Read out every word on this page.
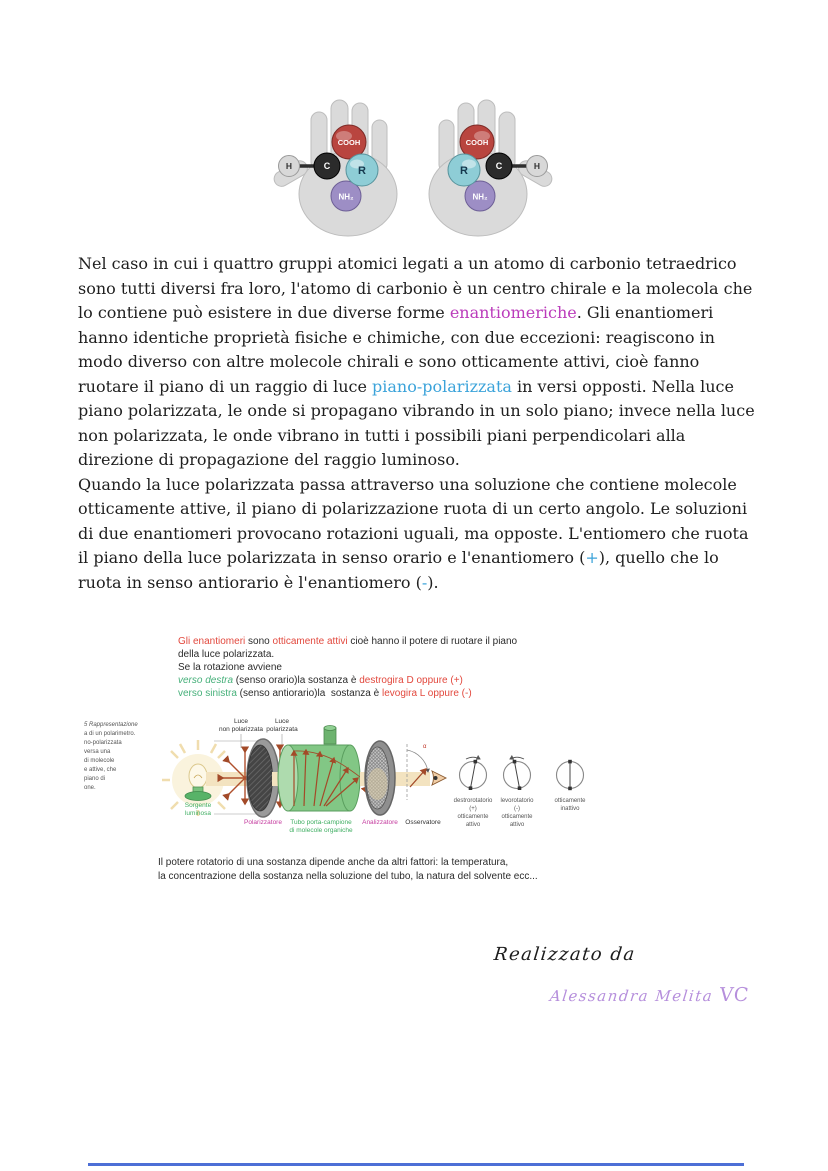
COOH
C	R
NH₂
H
COOH
C
R
NH₂
H

Nel caso in cui i quattro gruppi atomici legati a un atomo di carbonio tetraedrico sono tutti diversi fra loro, l'atomo di carbonio è un centro chirale e la molecola che lo contiene può esistere in due diverse forme enantiomeriche. Gli enantiomeri hanno identiche proprietà fisiche e chimiche, con due eccezioni: reagiscono in modo diverso con altre molecole chirali e sono otticamente attivi, cioè fanno ruotare il piano di un raggio di luce piano-polarizzata in versi opposti. Nella luce piano polarizzata, le onde si propagano vibrando in un solo piano; invece nella luce non polarizzata, le onde vibrano in tutti i possibili piani perpendicolari alla direzione di propagazione del raggio luminoso.

Quando la luce polarizzata passa attraverso una soluzione che contiene molecole otticamente attive, il piano di polarizzazione ruota di un certo angolo. Le soluzioni di due enantiomeri provocano rotazioni uguali, ma opposte. L'entiomero che ruota il piano della luce polarizzata in senso orario e l'enantiomero (+), quello che lo ruota in senso antiorario è l'enantiomero (-).

Gli enantiomeri sono otticamente attivi cioè hanno il potere di ruotare il piano
della luce polarizzata.
Se la rotazione avviene
verso destra (senso orario)la sostanza è destrogira D oppure (+)
verso sinistra (senso antiorario)la  sostanza è levogira L oppure (-)
5 Rappresentazione
a di un polarimetro.
no-polarizzata
versa una
di molecole
e attive, che
piano di
one.
Sorgente
luminosa
Luce
non polarizzata
Luce
polarizzata
α
Polarizzatore Tubo porta-campione
di molecole organiche
Analizzatore Osservatore
destrorotatorio
(+)
otticamente
attivo
levorotatorio
(-)
otticamente
attivo
otticamente
inattivo
Il potere rotatorio di una sostanza dipende anche da altri fattori: la temperatura,
la concentrazione della sostanza nella soluzione del tubo, la natura del solvente ecc...
Realizzato da
Alessandra Melita VC
